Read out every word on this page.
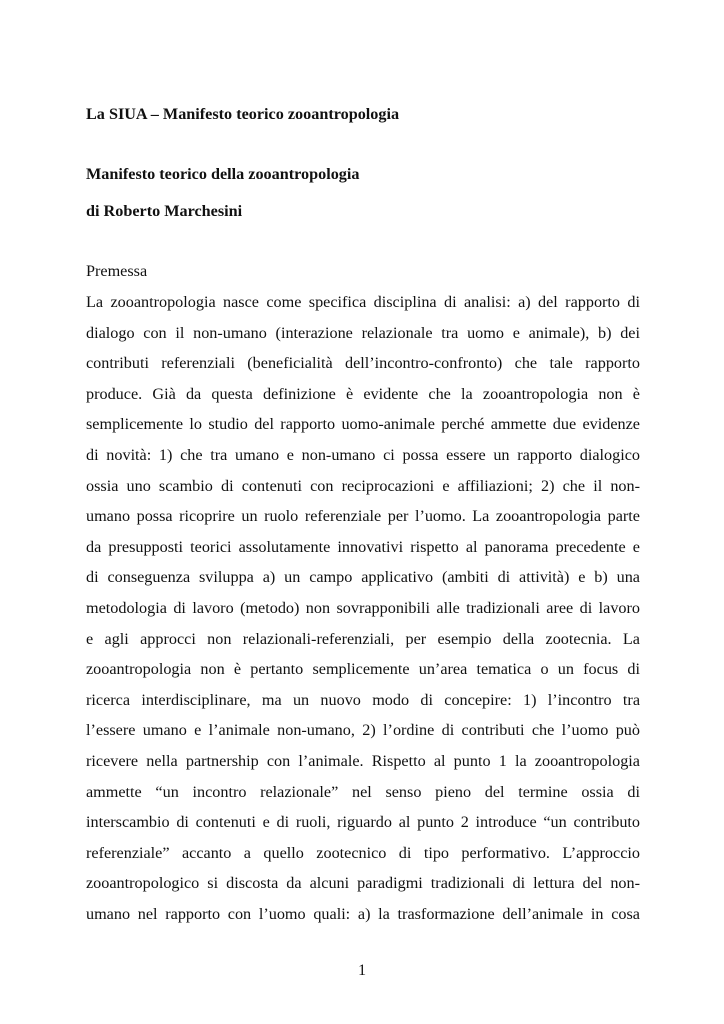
La SIUA – Manifesto teorico zooantropologia
Manifesto teorico della zooantropologia
di Roberto Marchesini
Premessa
La zooantropologia nasce come specifica disciplina di analisi: a) del rapporto di
dialogo con il non-umano (interazione relazionale tra uomo e animale), b) dei
contributi referenziali (beneficialità dell’incontro-confronto) che tale rapporto
produce. Già da questa definizione è evidente che la zooantropologia non è
semplicemente lo studio del rapporto uomo-animale perché ammette due evidenze
di novità: 1) che tra umano e non-umano ci possa essere un rapporto dialogico
ossia uno scambio di contenuti con reciprocazioni e affiliazioni; 2) che il non-
umano possa ricoprire un ruolo referenziale per l’uomo. La zooantropologia parte
da presupposti teorici assolutamente innovativi rispetto al panorama precedente e
di conseguenza sviluppa a) un campo applicativo (ambiti di attività) e b) una
metodologia di lavoro (metodo) non sovrapponibili alle tradizionali aree di lavoro
e agli approcci non relazionali-referenziali, per esempio della zootecnia. La
zooantropologia non è pertanto semplicemente un’area tematica o un focus di
ricerca interdisciplinare, ma un nuovo modo di concepire: 1) l’incontro tra
l’essere umano e l’animale non-umano, 2) l’ordine di contributi che l’uomo può
ricevere nella partnership con l’animale. Rispetto al punto 1 la zooantropologia
ammette “un incontro relazionale” nel senso pieno del termine ossia di
interscambio di contenuti e di ruoli, riguardo al punto 2 introduce “un contributo
referenziale” accanto a quello zootecnico di tipo performativo. L’approccio
zooantropologico si discosta da alcuni paradigmi tradizionali di lettura del non-
umano nel rapporto con l’uomo quali: a) la trasformazione dell’animale in cosa
1
